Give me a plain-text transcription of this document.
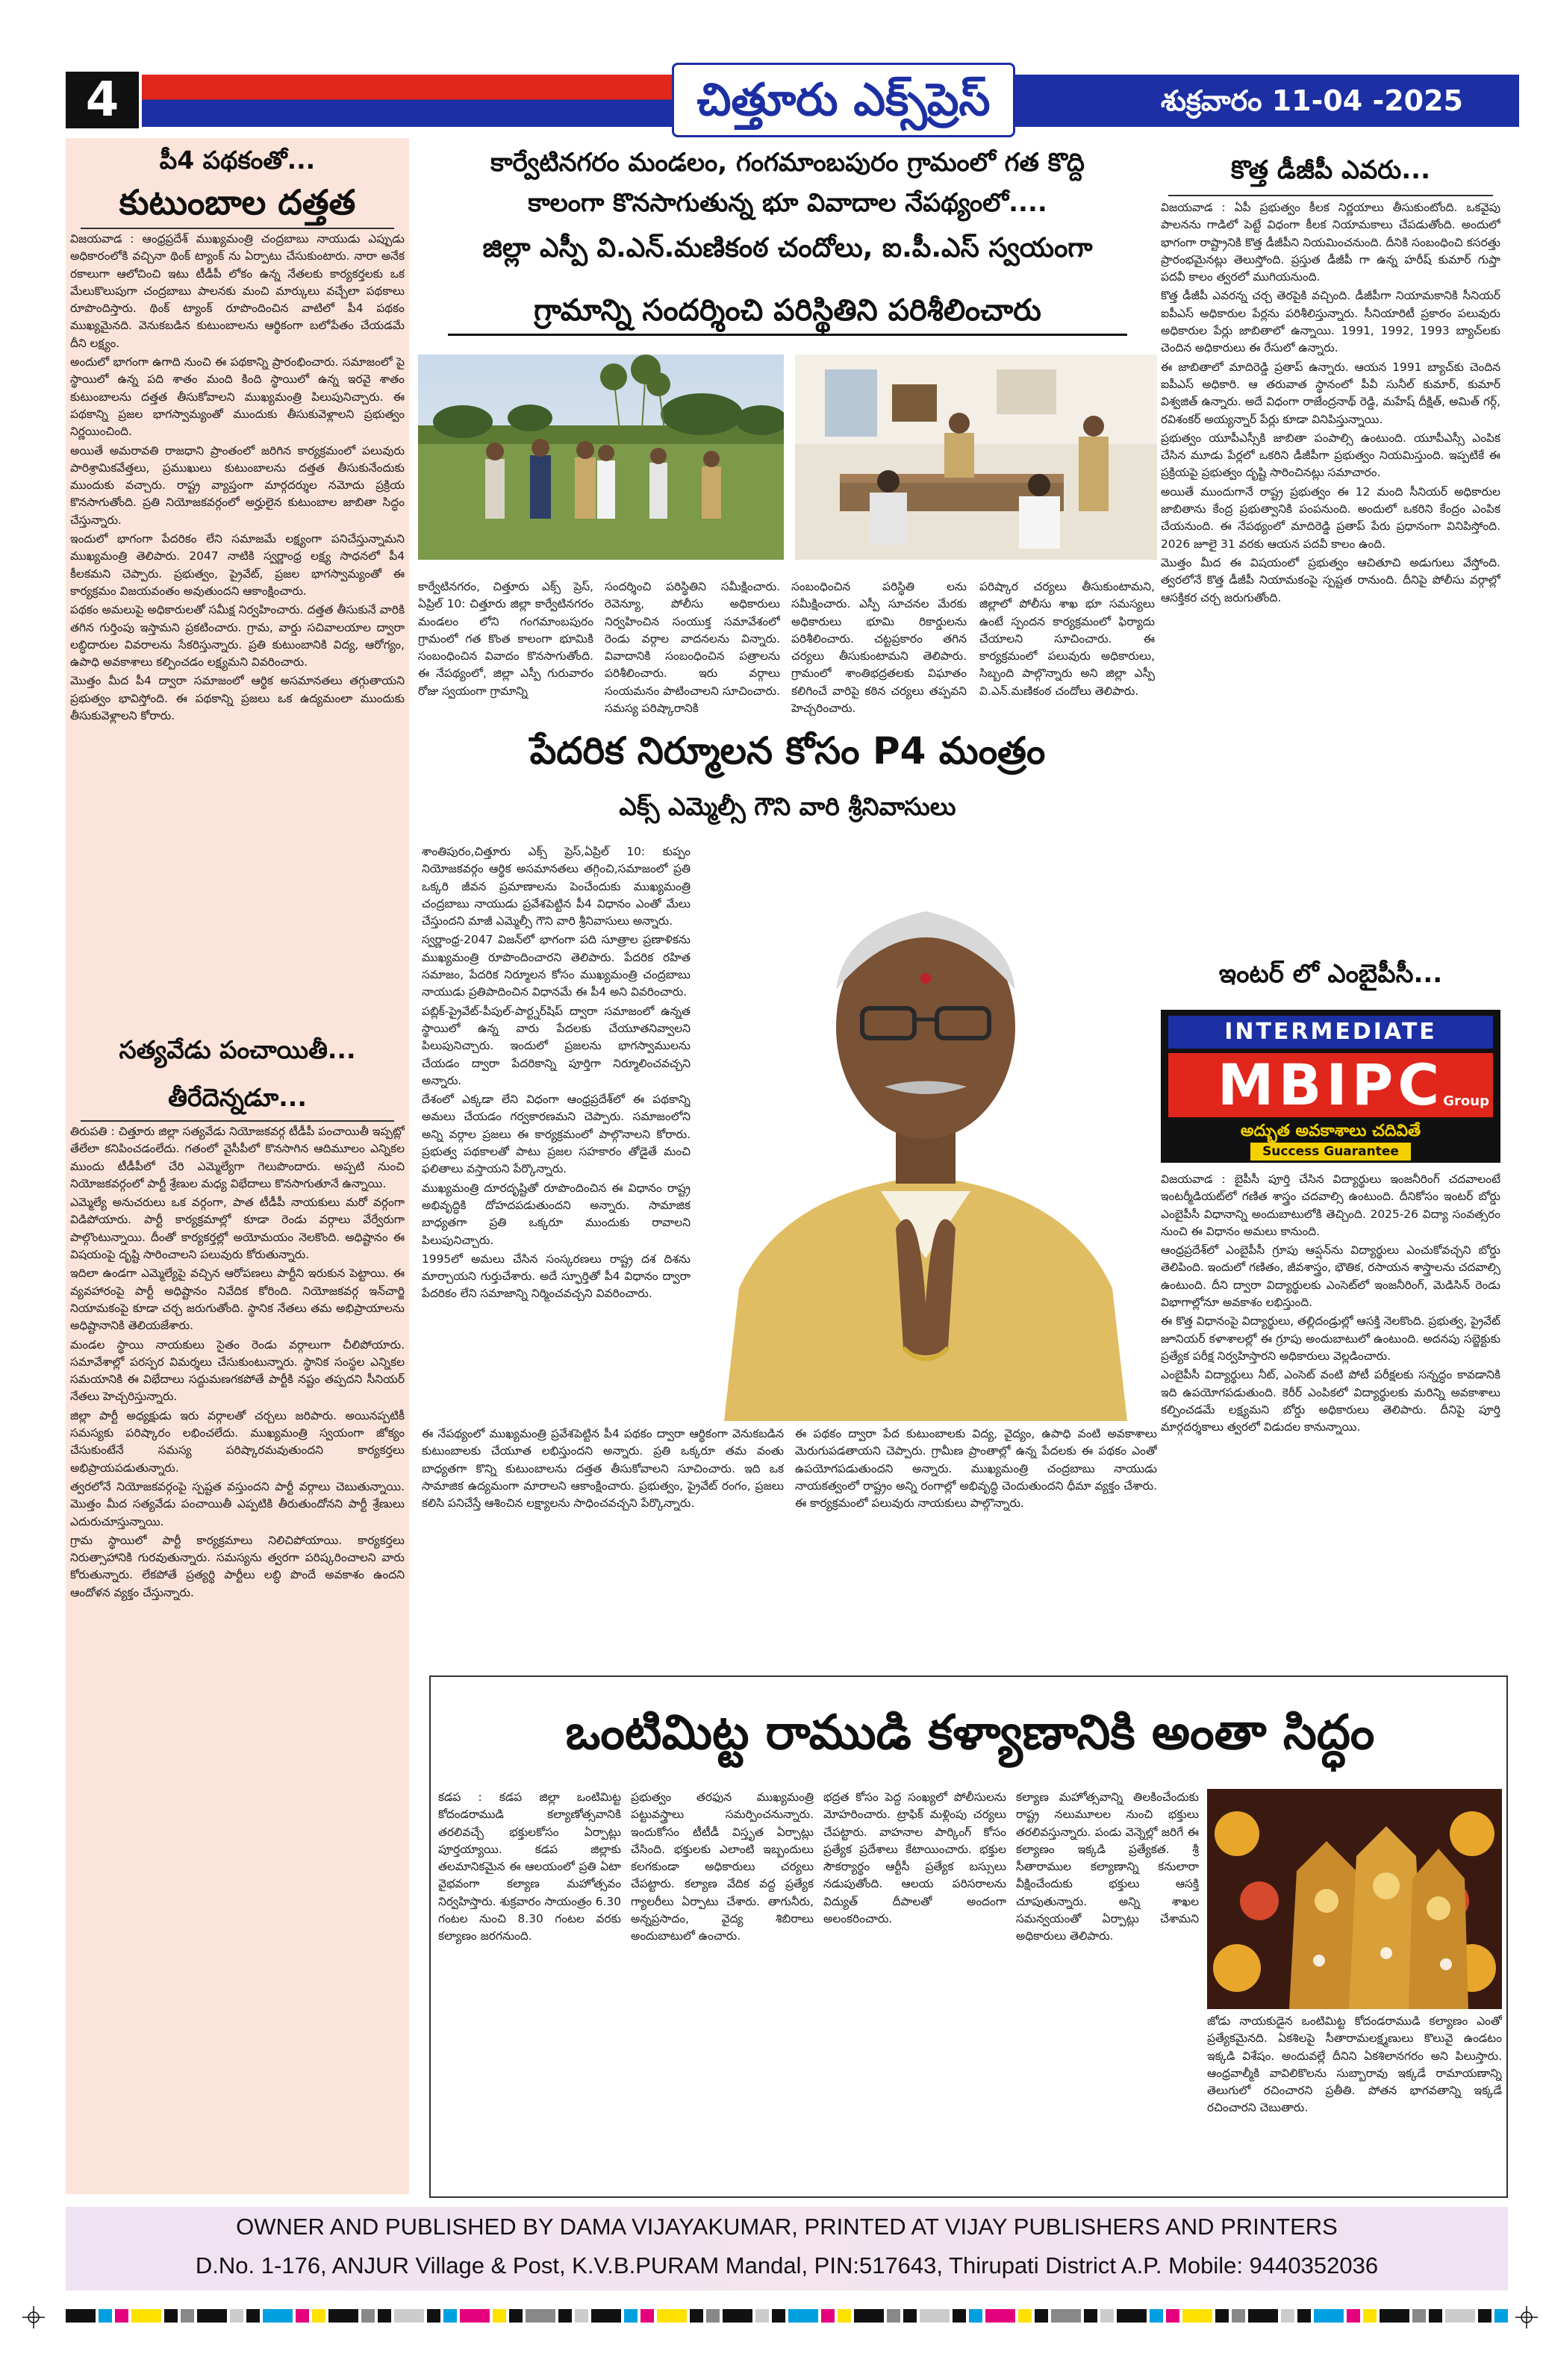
4	చిత్తూరు ఎక్స్‌ప్రెస్	శుక్రవారం 11-04 -2025
పీ4 పథకంతో...
కుటుంబాల దత్తత

విజయవాడ : ఆంధ్రప్రదేశ్ ముఖ్యమంత్రి చంద్రబాబు నాయుడు ఎప్పుడు అధికారంలోకి వచ్చినా థింక్ ట్యాంక్ ను ఏర్పాటు చేసుకుంటారు. నారా అనేక రకాలుగా ఆలోచించి ఇటు టీడీపీ లోకం ఉన్న నేతలకు కార్యకర్తలకు ఒక మేలుకొలుపుగా చంద్రబాబు పాలనకు మంచి మార్కులు వచ్చేలా పథకాలు రూపొందిస్తారు. థింక్ ట్యాంక్ రూపొందించిన వాటిలో పీ4 పథకం ముఖ్యమైనది. వెనుకబడిన కుటుంబాలను ఆర్థికంగా బలోపేతం చేయడమే దీని లక్ష్యం.

అందులో భాగంగా ఉగాది నుంచి ఈ పథకాన్ని ప్రారంభించారు. సమాజంలో పై స్థాయిలో ఉన్న పది శాతం మంది కింది స్థాయిలో ఉన్న ఇరవై శాతం కుటుంబాలను దత్తత తీసుకోవాలని ముఖ్యమంత్రి పిలుపునిచ్చారు. ఈ పథకాన్ని ప్రజల భాగస్వామ్యంతో ముందుకు తీసుకువెళ్లాలని ప్రభుత్వం నిర్ణయించింది.

అయితే అమరావతి రాజధాని ప్రాంతంలో జరిగిన కార్యక్రమంలో పలువురు పారిశ్రామికవేత్తలు, ప్రముఖులు కుటుంబాలను దత్తత తీసుకునేందుకు ముందుకు వచ్చారు. రాష్ట్ర వ్యాప్తంగా మార్గదర్శుల నమోదు ప్రక్రియ కొనసాగుతోంది. ప్రతి నియోజకవర్గంలో అర్హులైన కుటుంబాల జాబితా సిద్ధం చేస్తున్నారు.

ఇందులో భాగంగా పేదరికం లేని సమాజమే లక్ష్యంగా పనిచేస్తున్నామని ముఖ్యమంత్రి తెలిపారు. 2047 నాటికి స్వర్ణాంధ్ర లక్ష్య సాధనలో పీ4 కీలకమని చెప్పారు. ప్రభుత్వం, ప్రైవేట్, ప్రజల భాగస్వామ్యంతో ఈ కార్యక్రమం విజయవంతం అవుతుందని ఆకాంక్షించారు.

పథకం అమలుపై అధికారులతో సమీక్ష నిర్వహించారు. దత్తత తీసుకునే వారికి తగిన గుర్తింపు ఇస్తామని ప్రకటించారు. గ్రామ, వార్డు సచివాలయాల ద్వారా లబ్ధిదారుల వివరాలను సేకరిస్తున్నారు. ప్రతి కుటుంబానికి విద్య, ఆరోగ్యం, ఉపాధి అవకాశాలు కల్పించడం లక్ష్యమని వివరించారు.

మొత్తం మీద పీ4 ద్వారా సమాజంలో ఆర్థిక అసమానతలు తగ్గుతాయని ప్రభుత్వం భావిస్తోంది. ఈ పథకాన్ని ప్రజలు ఒక ఉద్యమంలా ముందుకు తీసుకువెళ్లాలని కోరారు.

సత్యవేడు పంచాయితీ...
తీరేదెన్నడూ...

తిరుపతి : చిత్తూరు జిల్లా సత్యవేడు నియోజకవర్గ టీడీపీ పంచాయితీ ఇప్పట్లో తేలేలా కనిపించడంలేదు. గతంలో వైసీపీలో కొనసాగిన ఆదిమూలం ఎన్నికల ముందు టీడీపీలో చేరి ఎమ్మెల్యేగా గెలుపొందారు. అప్పటి నుంచి నియోజకవర్గంలో పార్టీ శ్రేణుల మధ్య విభేదాలు కొనసాగుతూనే ఉన్నాయి.

ఎమ్మెల్యే అనుచరులు ఒక వర్గంగా, పాత టీడీపీ నాయకులు మరో వర్గంగా విడిపోయారు. పార్టీ కార్యక్రమాల్లో కూడా రెండు వర్గాలు వేర్వేరుగా పాల్గొంటున్నాయి. దీంతో కార్యకర్తల్లో అయోమయం నెలకొంది. అధిష్టానం ఈ విషయంపై దృష్టి సారించాలని పలువురు కోరుతున్నారు.

ఇదిలా ఉండగా ఎమ్మెల్యేపై వచ్చిన ఆరోపణలు పార్టీని ఇరుకున పెట్టాయి. ఈ వ్యవహారంపై పార్టీ అధిష్టానం నివేదిక కోరింది. నియోజకవర్గ ఇన్‌చార్జి నియామకంపై కూడా చర్చ జరుగుతోంది. స్థానిక నేతలు తమ అభిప్రాయాలను అధిష్టానానికి తెలియజేశారు.

మండల స్థాయి నాయకులు సైతం రెండు వర్గాలుగా చీలిపోయారు. సమావేశాల్లో పరస్పర విమర్శలు చేసుకుంటున్నారు. స్థానిక సంస్థల ఎన్నికల సమయానికి ఈ విభేదాలు సద్దుమణగకపోతే పార్టీకి నష్టం తప్పదని సీనియర్ నేతలు హెచ్చరిస్తున్నారు.

జిల్లా పార్టీ అధ్యక్షుడు ఇరు వర్గాలతో చర్చలు జరిపారు. అయినప్పటికీ సమస్యకు పరిష్కారం లభించలేదు. ముఖ్యమంత్రి స్వయంగా జోక్యం చేసుకుంటేనే సమస్య పరిష్కారమవుతుందని కార్యకర్తలు అభిప్రాయపడుతున్నారు.

త్వరలోనే నియోజకవర్గంపై స్పష్టత వస్తుందని పార్టీ వర్గాలు చెబుతున్నాయి. మొత్తం మీద సత్యవేడు పంచాయితీ ఎప్పటికి తీరుతుందోనని పార్టీ శ్రేణులు ఎదురుచూస్తున్నాయి.

గ్రామ స్థాయిలో పార్టీ కార్యక్రమాలు నిలిచిపోయాయి. కార్యకర్తలు నిరుత్సాహానికి గురవుతున్నారు. సమస్యను త్వరగా పరిష్కరించాలని వారు కోరుతున్నారు. లేకపోతే ప్రత్యర్థి పార్టీలు లబ్ధి పొందే అవకాశం ఉందని ఆందోళన వ్యక్తం చేస్తున్నారు.

కార్వేటినగరం మండలం, గంగమాంబపురం గ్రామంలో గత కొద్ది
కాలంగా కొనసాగుతున్న భూ వివాదాల నేపథ్యంలో....
జిల్లా ఎస్పీ వి.ఎన్.మణికంఠ చందోలు, ఐ.పీ.ఎస్ స్వయంగా
గ్రామాన్ని సందర్శించి పరిస్థితిని పరిశీలించారు
కార్వేటినగరం, చిత్తూరు ఎక్స్ ప్రెస్, ఏప్రిల్ 10: చిత్తూరు జిల్లా కార్వేటినగరం మండలం లోని గంగమాంబపురం గ్రామంలో గత కొంత కాలంగా భూమికి సంబంధించిన వివాదం కొనసాగుతోంది. ఈ నేపథ్యంలో, జిల్లా ఎస్పీ గురువారం రోజు స్వయంగా గ్రామాన్ని
సందర్శించి పరిస్థితిని సమీక్షించారు. రెవెన్యూ, పోలీసు అధికారులు నిర్వహించిన సంయుక్త సమావేశంలో రెండు వర్గాల వాదనలను విన్నారు. వివాదానికి సంబంధించిన పత్రాలను పరిశీలించారు. ఇరు వర్గాలు సంయమనం పాటించాలని సూచించారు. సమస్య పరిష్కారానికి
సంబంధించిన పరిస్థితి లను సమీక్షించారు. ఎస్పీ సూచనల మేరకు అధికారులు భూమి రికార్డులను పరిశీలించారు. చట్టప్రకారం తగిన చర్యలు తీసుకుంటామని తెలిపారు. గ్రామంలో శాంతిభద్రతలకు విఘాతం కలిగించే వారిపై కఠిన చర్యలు తప్పవని హెచ్చరించారు.
పరిష్కార చర్యలు తీసుకుంటామని, జిల్లాలో పోలీసు శాఖ భూ సమస్యలు ఉంటే స్పందన కార్యక్రమంలో ఫిర్యాదు చేయాలని సూచించారు. ఈ కార్యక్రమంలో పలువురు అధికారులు, సిబ్బంది పాల్గొన్నారు అని జిల్లా ఎస్పీ వి.ఎన్.మణికంఠ చందోలు తెలిపారు.
పేదరిక నిర్మూలన కోసం P4 మంత్రం
ఎక్స్ ఎమ్మెల్సీ గౌని వారి శ్రీనివాసులు

శాంతిపురం,చిత్తూరు ఎక్స్ ప్రెస్,ఏప్రిల్ 10: కుప్పం నియోజకవర్గం ఆర్థిక అసమానతలు తగ్గించి,సమాజంలో ప్రతి ఒక్కరి జీవన ప్రమాణాలను పెంచేందుకు ముఖ్యమంత్రి చంద్రబాబు నాయుడు ప్రవేశపెట్టిన పీ4 విధానం ఎంతో మేలు చేస్తుందని మాజీ ఎమ్మెల్సీ గౌని వారి శ్రీనివాసులు అన్నారు.

స్వర్ణాంధ్ర-2047 విజన్‌లో భాగంగా పది సూత్రాల ప్రణాళికను ముఖ్యమంత్రి రూపొందించారని తెలిపారు. పేదరిక రహిత సమాజం, పేదరిక నిర్మూలన కోసం ముఖ్యమంత్రి చంద్రబాబు నాయుడు ప్రతిపాదించిన విధానమే ఈ పీ4 అని వివరించారు.

పబ్లిక్-ప్రైవేట్-పీపుల్-పార్ట్నర్‌షిప్ ద్వారా సమాజంలో ఉన్నత స్థాయిలో ఉన్న వారు పేదలకు చేయూతనివ్వాలని పిలుపునిచ్చారు. ఇందులో ప్రజలను భాగస్వాములను చేయడం ద్వారా పేదరికాన్ని పూర్తిగా నిర్మూలించవచ్చని అన్నారు.

దేశంలో ఎక్కడా లేని విధంగా ఆంధ్రప్రదేశ్‌లో ఈ పథకాన్ని అమలు చేయడం గర్వకారణమని చెప్పారు. సమాజంలోని అన్ని వర్గాల ప్రజలు ఈ కార్యక్రమంలో పాల్గొనాలని కోరారు. ప్రభుత్వ పథకాలతో పాటు ప్రజల సహకారం తోడైతే మంచి ఫలితాలు వస్తాయని పేర్కొన్నారు.

ముఖ్యమంత్రి దూరదృష్టితో రూపొందించిన ఈ విధానం రాష్ట్ర అభివృద్ధికి దోహదపడుతుందని అన్నారు. సామాజిక బాధ్యతగా ప్రతి ఒక్కరూ ముందుకు రావాలని పిలుపునిచ్చారు.

1995లో అమలు చేసిన సంస్కరణలు రాష్ట్ర దశ దిశను మార్చాయని గుర్తుచేశారు. అదే స్ఫూర్తితో పీ4 విధానం ద్వారా పేదరికం లేని సమాజాన్ని నిర్మించవచ్చని వివరించారు.

ఈ నేపథ్యంలో ముఖ్యమంత్రి ప్రవేశపెట్టిన పీ4 పథకం ద్వారా ఆర్థికంగా వెనుకబడిన కుటుంబాలకు చేయూత లభిస్తుందని అన్నారు. ప్రతి ఒక్కరూ తమ వంతు బాధ్యతగా కొన్ని కుటుంబాలను దత్తత తీసుకోవాలని సూచించారు. ఇది ఒక సామాజిక ఉద్యమంగా మారాలని ఆకాంక్షించారు. ప్రభుత్వం, ప్రైవేట్ రంగం, ప్రజలు కలిసి పనిచేస్తే ఆశించిన లక్ష్యాలను సాధించవచ్చని పేర్కొన్నారు.
ఈ పథకం ద్వారా పేద కుటుంబాలకు విద్య, వైద్యం, ఉపాధి వంటి అవకాశాలు మెరుగుపడతాయని చెప్పారు. గ్రామీణ ప్రాంతాల్లో ఉన్న పేదలకు ఈ పథకం ఎంతో ఉపయోగపడుతుందని అన్నారు. ముఖ్యమంత్రి చంద్రబాబు నాయుడు నాయకత్వంలో రాష్ట్రం అన్ని రంగాల్లో అభివృద్ధి చెందుతుందని ధీమా వ్యక్తం చేశారు. ఈ కార్యక్రమంలో పలువురు నాయకులు పాల్గొన్నారు.
కొత్త డీజీపీ ఎవరు...

విజయవాడ : ఏపీ ప్రభుత్వం కీలక నిర్ణయాలు తీసుకుంటోంది. ఒకవైపు పాలనను గాడిలో పెట్టే విధంగా కీలక నియామకాలు చేపడుతోంది. అందులో భాగంగా రాష్ట్రానికి కొత్త డీజీపీని నియమించనుంది. దీనికి సంబంధించి కసరత్తు ప్రారంభమైనట్లు తెలుస్తోంది. ప్రస్తుత డీజీపీ గా ఉన్న హరీష్ కుమార్ గుప్తా పదవీ కాలం త్వరలో ముగియనుంది.

కొత్త డీజీపీ ఎవరన్న చర్చ తెరపైకి వచ్చింది. డీజీపీగా నియామకానికి సీనియర్ ఐపీఎస్ అధికారుల పేర్లను పరిశీలిస్తున్నారు. సీనియారిటీ ప్రకారం పలువురు అధికారుల పేర్లు జాబితాలో ఉన్నాయి. 1991, 1992, 1993 బ్యాచ్‌లకు చెందిన అధికారులు ఈ రేసులో ఉన్నారు.

ఈ జాబితాలో మాదిరెడ్డి ప్రతాప్ ఉన్నారు. ఆయన 1991 బ్యాచ్‌కు చెందిన ఐపీఎస్ అధికారి. ఆ తరువాత స్థానంలో పీవీ సునీల్ కుమార్, కుమార్ విశ్వజిత్ ఉన్నారు. అదే విధంగా రాజేంద్రనాథ్ రెడ్డి, మహేష్ దీక్షిత్, అమిత్ గర్గ్, రవిశంకర్ అయ్యన్నార్ పేర్లు కూడా వినిపిస్తున్నాయి.

ప్రభుత్వం యూపీఎస్సీకి జాబితా పంపాల్సి ఉంటుంది. యూపీఎస్సీ ఎంపిక చేసిన మూడు పేర్లలో ఒకరిని డీజీపీగా ప్రభుత్వం నియమిస్తుంది. ఇప్పటికే ఈ ప్రక్రియపై ప్రభుత్వం దృష్టి సారించినట్లు సమాచారం.

అయితే ముందుగానే రాష్ట్ర ప్రభుత్వం ఈ 12 మంది సీనియర్ అధికారుల జాబితాను కేంద్ర ప్రభుత్వానికి పంపనుంది. అందులో ఒకరిని కేంద్రం ఎంపిక చేయనుంది. ఈ నేపథ్యంలో మాదిరెడ్డి ప్రతాప్ పేరు ప్రధానంగా వినిపిస్తోంది. 2026 జూలై 31 వరకు ఆయన పదవీ కాలం ఉంది.

మొత్తం మీద ఈ విషయంలో ప్రభుత్వం ఆచితూచి అడుగులు వేస్తోంది. త్వరలోనే కొత్త డీజీపీ నియామకంపై స్పష్టత రానుంది. దీనిపై పోలీసు వర్గాల్లో ఆసక్తికర చర్చ జరుగుతోంది.

ఇంటర్ లో ఎంబైపీసీ...
INTERMEDIATE
MBIPC Group
అద్భుత అవకాశాలు చదివితే
Success Guarantee

విజయవాడ : బైపీసీ పూర్తి చేసిన విద్యార్థులు ఇంజనీరింగ్ చదవాలంటే ఇంటర్మీడియట్‌లో గణిత శాస్త్రం చదవాల్సి ఉంటుంది. దీనికోసం ఇంటర్ బోర్డు ఎంబైపీసీ విధానాన్ని అందుబాటులోకి తెచ్చింది. 2025-26 విద్యా సంవత్సరం నుంచి ఈ విధానం అమలు కానుంది.

ఆంధ్రప్రదేశ్‌లో ఎంబైపీసీ గ్రూపు ఆప్షన్‌ను విద్యార్థులు ఎంచుకోవచ్చని బోర్డు తెలిపింది. ఇందులో గణితం, జీవశాస్త్రం, భౌతిక, రసాయన శాస్త్రాలను చదవాల్సి ఉంటుంది. దీని ద్వారా విద్యార్థులకు ఎంసెట్‌లో ఇంజనీరింగ్, మెడిసిన్ రెండు విభాగాల్లోనూ అవకాశం లభిస్తుంది.

ఈ కొత్త విధానంపై విద్యార్థులు, తల్లిదండ్రుల్లో ఆసక్తి నెలకొంది. ప్రభుత్వ, ప్రైవేట్ జూనియర్ కళాశాలల్లో ఈ గ్రూపు అందుబాటులో ఉంటుంది. అదనపు సబ్జెక్టుకు ప్రత్యేక పరీక్ష నిర్వహిస్తారని అధికారులు వెల్లడించారు.

ఎంబైపీసీ విద్యార్థులు నీట్, ఎంసెట్ వంటి పోటీ పరీక్షలకు సన్నద్ధం కావడానికి ఇది ఉపయోగపడుతుంది. కెరీర్ ఎంపికలో విద్యార్థులకు మరిన్ని అవకాశాలు కల్పించడమే లక్ష్యమని బోర్డు అధికారులు తెలిపారు. దీనిపై పూర్తి మార్గదర్శకాలు త్వరలో విడుదల కానున్నాయి.

ఒంటిమిట్ట రాముడి కళ్యాణానికి అంతా సిద్ధం
కడప : కడప జిల్లా ఒంటిమిట్ట కోదండరాముడి కల్యాణోత్సవానికి తరలివచ్చే భక్తులకోసం ఏర్పాట్లు పూర్తయ్యాయి. కడప జిల్లాకు తలమానికమైన ఈ ఆలయంలో ప్రతి ఏటా వైభవంగా కల్యాణ మహోత్సవం నిర్వహిస్తారు. శుక్రవారం సాయంత్రం 6.30 గంటల నుంచి 8.30 గంటల వరకు కల్యాణం జరగనుంది.
ప్రభుత్వం తరఫున ముఖ్యమంత్రి పట్టువస్త్రాలు సమర్పించనున్నారు. ఇందుకోసం టీటీడీ విస్తృత ఏర్పాట్లు చేసింది. భక్తులకు ఎలాంటి ఇబ్బందులు కలగకుండా అధికారులు చర్యలు చేపట్టారు. కల్యాణ వేదిక వద్ద ప్రత్యేక గ్యాలరీలు ఏర్పాటు చేశారు. తాగునీరు, అన్నప్రసాదం, వైద్య శిబిరాలు అందుబాటులో ఉంచారు.
భద్రత కోసం పెద్ద సంఖ్యలో పోలీసులను మోహరించారు. ట్రాఫిక్ మళ్లింపు చర్యలు చేపట్టారు. వాహనాల పార్కింగ్ కోసం ప్రత్యేక ప్రదేశాలు కేటాయించారు. భక్తుల సౌకర్యార్థం ఆర్టీసీ ప్రత్యేక బస్సులు నడుపుతోంది. ఆలయ పరిసరాలను విద్యుత్ దీపాలతో అందంగా అలంకరించారు.
కల్యాణ మహోత్సవాన్ని తిలకించేందుకు రాష్ట్ర నలుమూలల నుంచి భక్తులు తరలివస్తున్నారు. పండు వెన్నెల్లో జరిగే ఈ కల్యాణం ఇక్కడి ప్రత్యేకత. శ్రీ సీతారాముల కల్యాణాన్ని కనులారా వీక్షించేందుకు భక్తులు ఆసక్తి చూపుతున్నారు. అన్ని శాఖల సమన్వయంతో ఏర్పాట్లు చేశామని అధికారులు తెలిపారు.
జోడు నాయకుడైన ఒంటిమిట్ట కోదండరాముడి కల్యాణం ఎంతో ప్రత్యేకమైనది. ఏకశిలపై సీతారామలక్ష్మణులు కొలువై ఉండటం ఇక్కడి విశేషం. అందువల్లే దీనిని ఏకశిలానగరం అని పిలుస్తారు. ఆంధ్రవాల్మీకి వావిలికొలను సుబ్బారావు ఇక్కడే రామాయణాన్ని తెలుగులో రచించారని ప్రతీతి. పోతన భాగవతాన్ని ఇక్కడే రచించారని చెబుతారు.
OWNER AND PUBLISHED BY DAMA VIJAYAKUMAR, PRINTED AT VIJAY PUBLISHERS AND PRINTERS
D.No. 1-176, ANJUR Village & Post, K.V.B.PURAM Mandal, PIN:517643, Thirupati District A.P. Mobile: 9440352036
